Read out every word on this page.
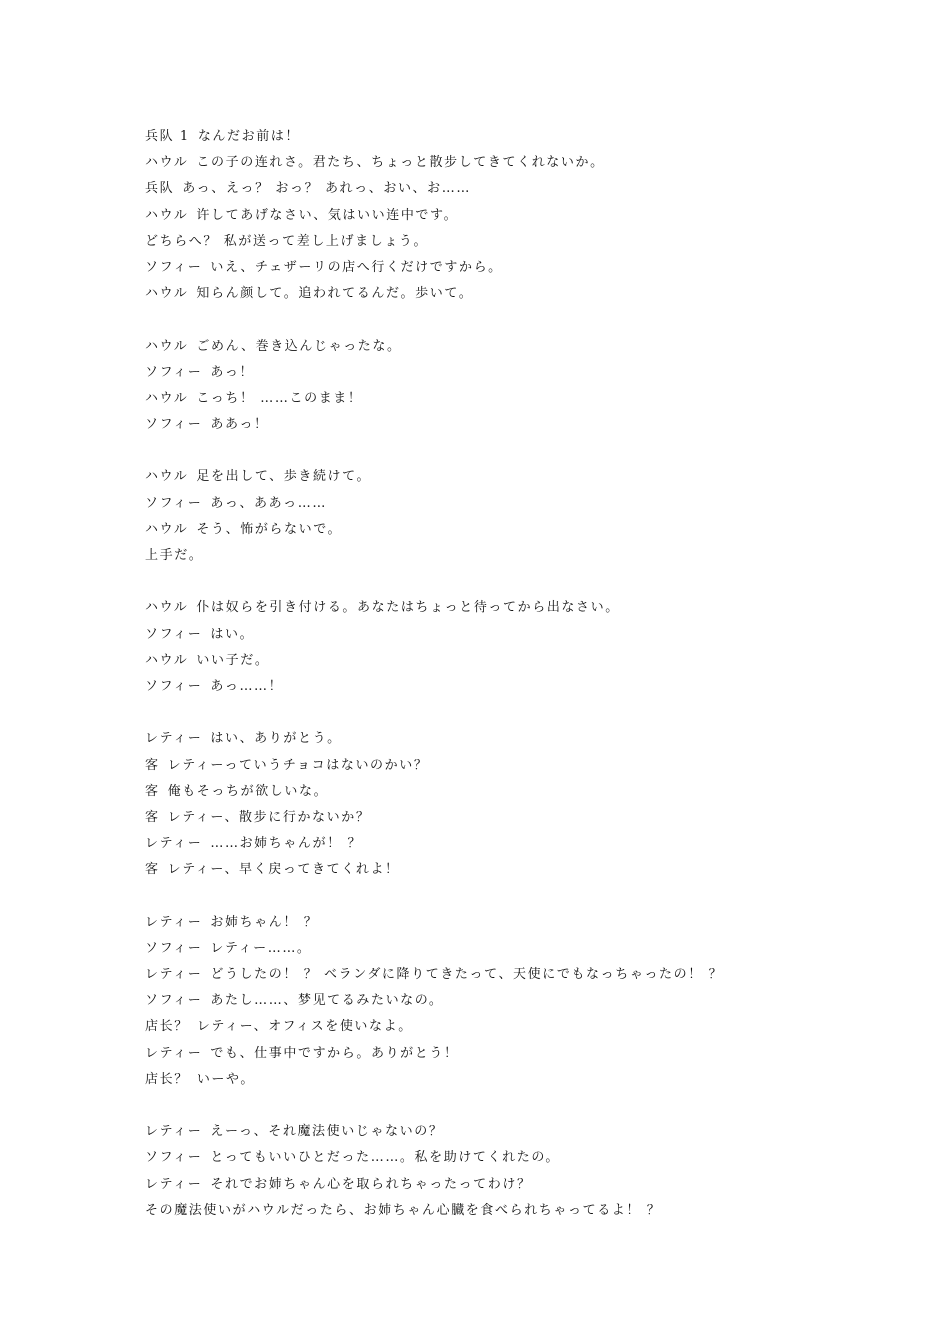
兵队 1 なんだお前は！
ハウル この子の连れさ。君たち、ちょっと散步してきてくれないか。
兵队 あっ、えっ？ おっ？ あれっ、おい、お……
ハウル 许してあげなさい、気はいい连中です。
どちらへ？ 私が送って差し上げましょう。
ソフィー いえ、チェザーリの店へ行くだけですから。
ハウル 知らん颜して。追われてるんだ。歩いて。
ハウル ごめん、巻き込んじゃったな。
ソフィー あっ！
ハウル こっち！ ……このまま！
ソフィー ああっ！
ハウル 足を出して、歩き続けて。
ソフィー あっ、ああっ……
ハウル そう、怖がらないで。
上手だ。
ハウル 仆は奴らを引き付ける。あなたはちょっと待ってから出なさい。
ソフィー はい。
ハウル いい子だ。
ソフィー あっ……！
レティー はい、ありがとう。
客 レティーっていうチョコはないのかい？
客 俺もそっちが欲しいな。
客 レティー、散步に行かないか？
レティー ……お姉ちゃんが！ ？
客 レティー、早く戻ってきてくれよ！
レティー お姉ちゃん！ ？
ソフィー レティー……。
レティー どうしたの！ ？ ベランダに降りてきたって、天使にでもなっちゃったの！ ？
ソフィー あたし……、梦见てるみたいなの。
店长？ レティー、オフィスを使いなよ。
レティー でも、仕事中ですから。ありがとう！
店长？ いーや。
レティー えーっ、それ魔法使いじゃないの？
ソフィー とってもいいひとだった……。私を助けてくれたの。
レティー それでお姉ちゃん心を取られちゃったってわけ？
その魔法使いがハウルだったら、お姉ちゃん心臓を食べられちゃってるよ！ ？
